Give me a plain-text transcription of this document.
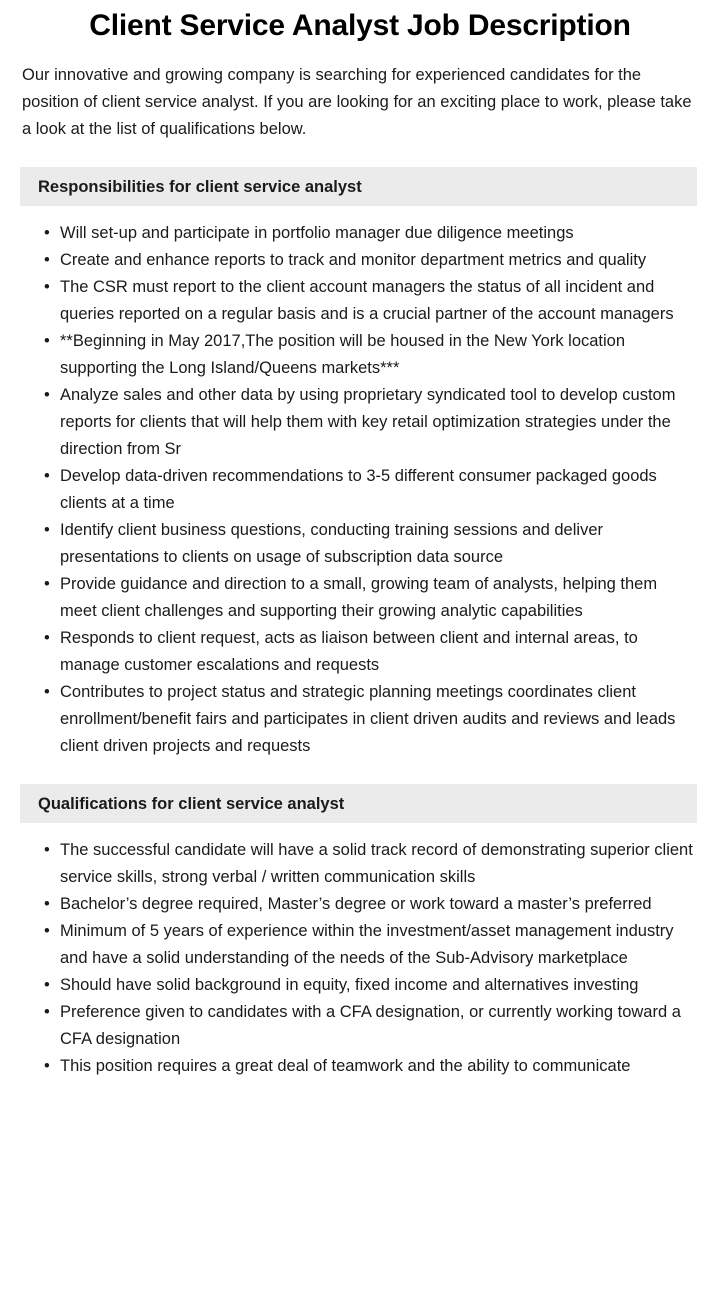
Client Service Analyst Job Description

Our innovative and growing company is searching for experienced candidates for the position of client service analyst. If you are looking for an exciting place to work, please take a look at the list of qualifications below.

Responsibilities for client service analyst
• Will set-up and participate in portfolio manager due diligence meetings
• Create and enhance reports to track and monitor department metrics and quality
• The CSR must report to the client account managers the status of all incident and queries reported on a regular basis and is a crucial partner of the account managers
• **Beginning in May 2017,The position will be housed in the New York location supporting the Long Island/Queens markets***
• Analyze sales and other data by using proprietary syndicated tool to develop custom reports for clients that will help them with key retail optimization strategies under the direction from Sr
• Develop data-driven recommendations to 3-5 different consumer packaged goods clients at a time
• Identify client business questions, conducting training sessions and deliver presentations to clients on usage of subscription data source
• Provide guidance and direction to a small, growing team of analysts, helping them meet client challenges and supporting their growing analytic capabilities
• Responds to client request, acts as liaison between client and internal areas, to manage customer escalations and requests
• Contributes to project status and strategic planning meetings coordinates client enrollment/benefit fairs and participates in client driven audits and reviews and leads client driven projects and requests
Qualifications for client service analyst
• The successful candidate will have a solid track record of demonstrating superior client service skills, strong verbal / written communication skills
• Bachelor’s degree required, Master’s degree or work toward a master’s preferred
• Minimum of 5 years of experience within the investment/asset management industry and have a solid understanding of the needs of the Sub-Advisory marketplace
• Should have solid background in equity, fixed income and alternatives investing
• Preference given to candidates with a CFA designation, or currently working toward a CFA designation
• This position requires a great deal of teamwork and the ability to communicate
